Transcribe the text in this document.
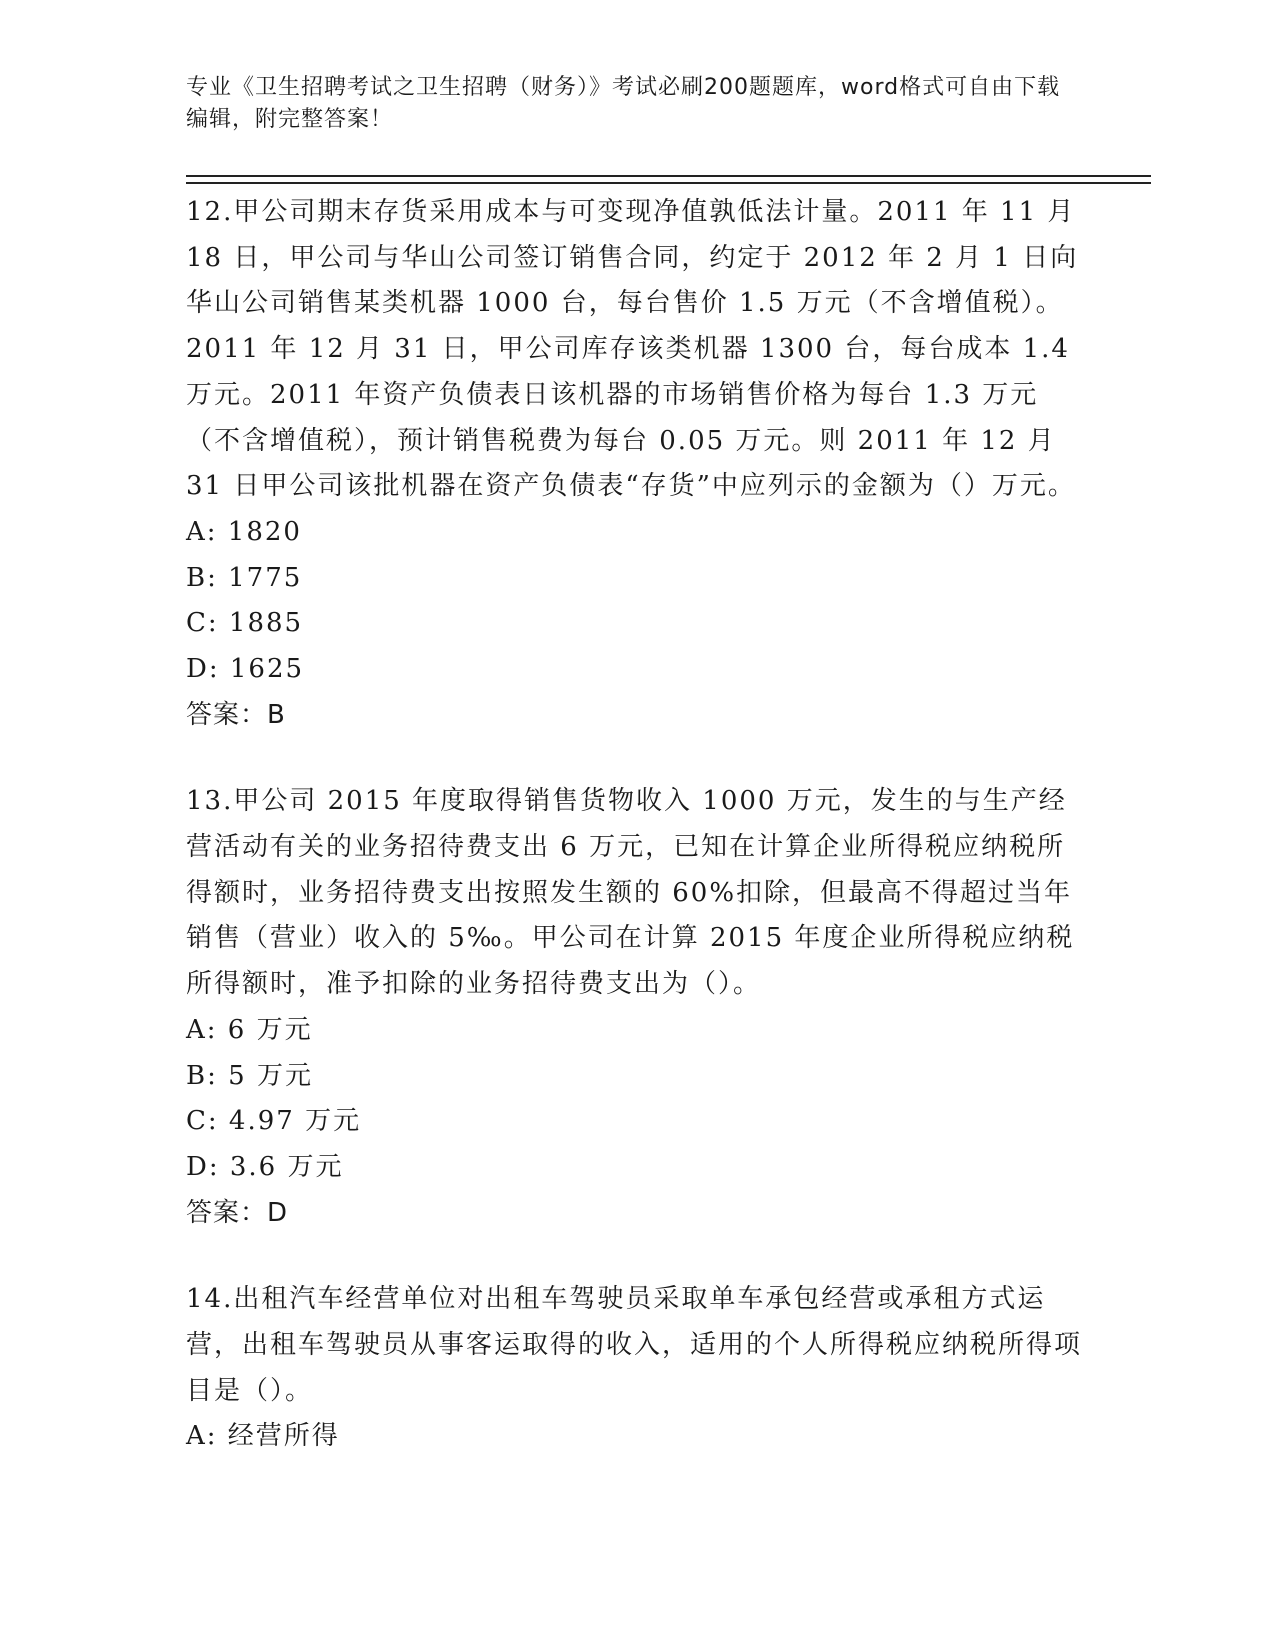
专业《卫生招聘考试之卫生招聘（财务）》考试必刷200题题库，word格式可自由下载编辑，附完整答案！
12.甲公司期末存货采用成本与可变现净值孰低法计量。2011 年 11 月 18 日，甲公司与华山公司签订销售合同，约定于 2012 年 2 月 1 日向华山公司销售某类机器 1000 台，每台售价 1.5 万元（不含增值税）。2011 年 12 月 31 日，甲公司库存该类机器 1300 台，每台成本 1.4 万元。2011 年资产负债表日该机器的市场销售价格为每台 1.3 万元（不含增值税），预计销售税费为每台 0.05 万元。则 2011 年 12 月 31 日甲公司该批机器在资产负债表“存货”中应列示的金额为（）万元。
A: 1820
B: 1775
C: 1885
D: 1625
答案：B
13.甲公司 2015 年度取得销售货物收入 1000 万元，发生的与生产经营活动有关的业务招待费支出 6 万元，已知在计算企业所得税应纳税所得额时，业务招待费支出按照发生额的 60%扣除，但最高不得超过当年销售（营业）收入的 5‰。甲公司在计算 2015 年度企业所得税应纳税所得额时，准予扣除的业务招待费支出为（）。
A: 6 万元
B: 5 万元
C: 4.97 万元
D: 3.6 万元
答案：D
14.出租汽车经营单位对出租车驾驶员采取单车承包经营或承租方式运营，出租车驾驶员从事客运取得的收入，适用的个人所得税应纳税所得项目是（）。
A: 经营所得
